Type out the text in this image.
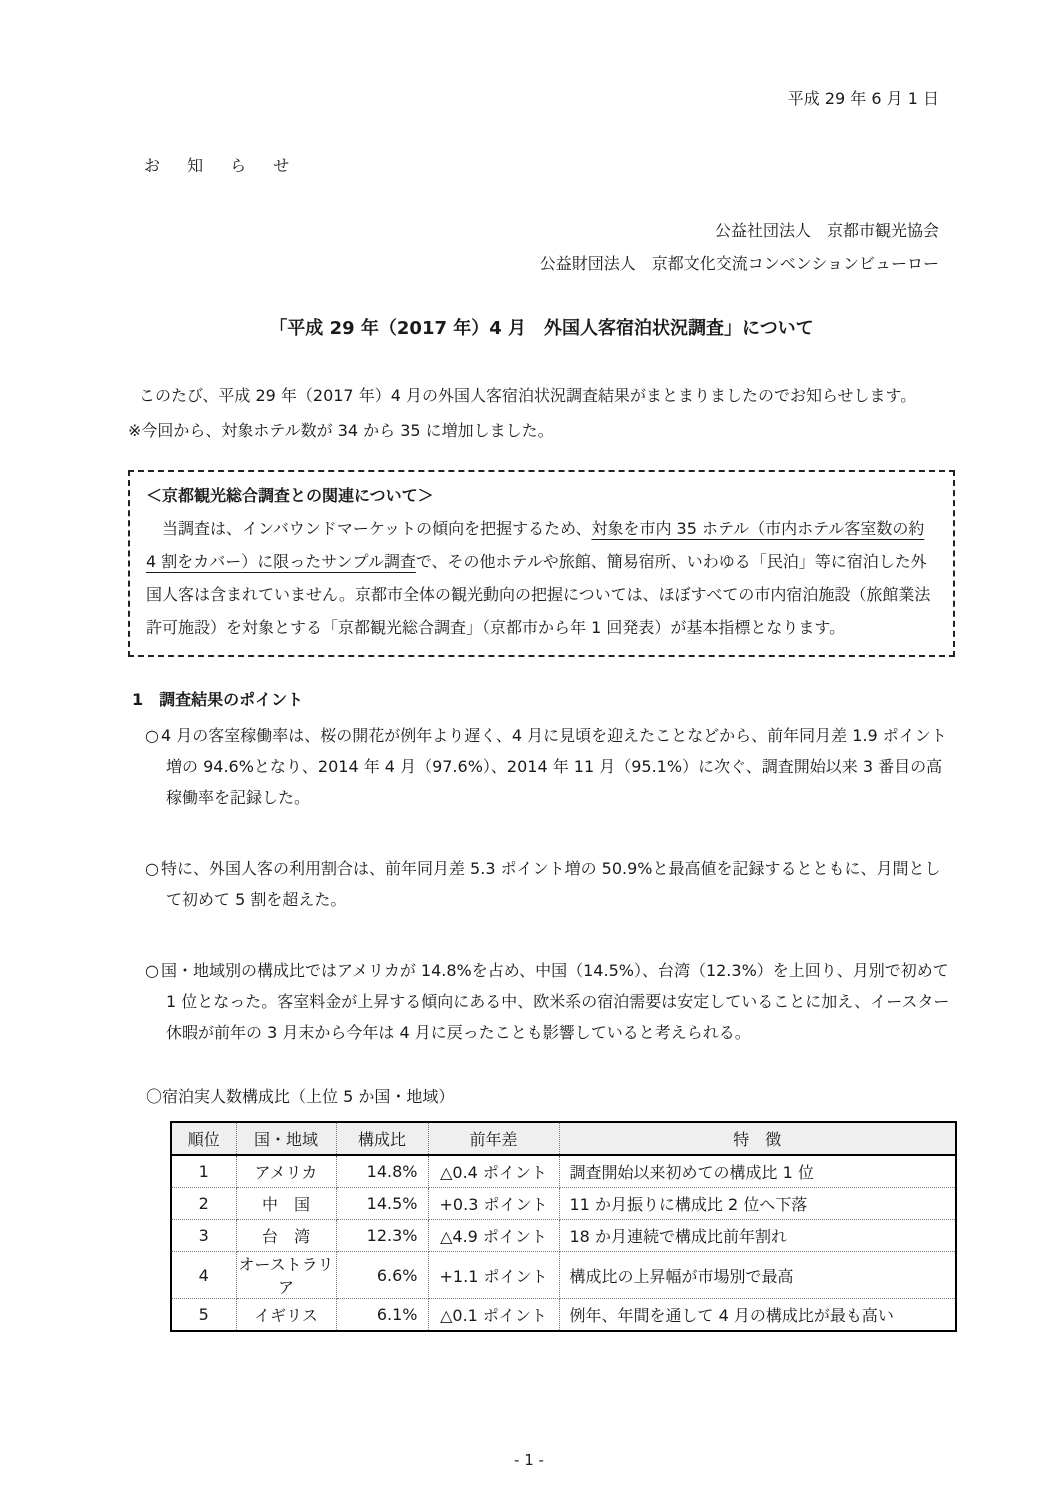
平成 29 年 6 月 1 日
お 知 ら せ
公益社団法人　京都市観光協会
公益財団法人　京都文化交流コンベンションビューロー
「平成 29 年（2017 年）4 月　外国人客宿泊状況調査」について
このたび、平成 29 年（2017 年）4 月の外国人客宿泊状況調査結果がまとまりましたのでお知らせします。
※今回から、対象ホテル数が 34 から 35 に増加しました。
＜京都観光総合調査との関連について＞

　当調査は、インバウンドマーケットの傾向を把握するため、対象を市内 35 ホテル（市内ホテル客室数の約 4 割をカバー）に限ったサンプル調査で、その他ホテルや旅館、簡易宿所、いわゆる「民泊」等に宿泊した外国人客は含まれていません。京都市全体の観光動向の把握については、ほぼすべての市内宿泊施設（旅館業法許可施設）を対象とする「京都観光総合調査」（京都市から年 1 回発表）が基本指標となります。

1　調査結果のポイント
○ 4 月の客室稼働率は、桜の開花が例年より遅く、4 月に見頃を迎えたことなどから、前年同月差 1.9 ポイント増の 94.6%となり、2014 年 4 月（97.6%）、2014 年 11 月（95.1%）に次ぐ、調査開始以来 3 番目の高稼働率を記録した。
○ 特に、外国人客の利用割合は、前年同月差 5.3 ポイント増の 50.9%と最高値を記録するとともに、月間として初めて 5 割を超えた。
○ 国・地域別の構成比ではアメリカが 14.8%を占め、中国（14.5%）、台湾（12.3%）を上回り、月別で初めて 1 位となった。客室料金が上昇する傾向にある中、欧米系の宿泊需要は安定していることに加え、イースター休暇が前年の 3 月末から今年は 4 月に戻ったことも影響していると考えられる。
〇宿泊実人数構成比（上位 5 か国・地域）
順位	国・地域	構成比	前年差	特　徴
1	アメリカ	14.8%	△0.4 ポイント	調査開始以来初めての構成比 1 位
2	中　国	14.5%	+0.3 ポイント	11 か月振りに構成比 2 位へ下落
3	台　湾	12.3%	△4.9 ポイント	18 か月連続で構成比前年割れ
4	オーストラリア	6.6%	+1.1 ポイント	構成比の上昇幅が市場別で最高
5	イギリス	6.1%	△0.1 ポイント	例年、年間を通して 4 月の構成比が最も高い
- 1 -
